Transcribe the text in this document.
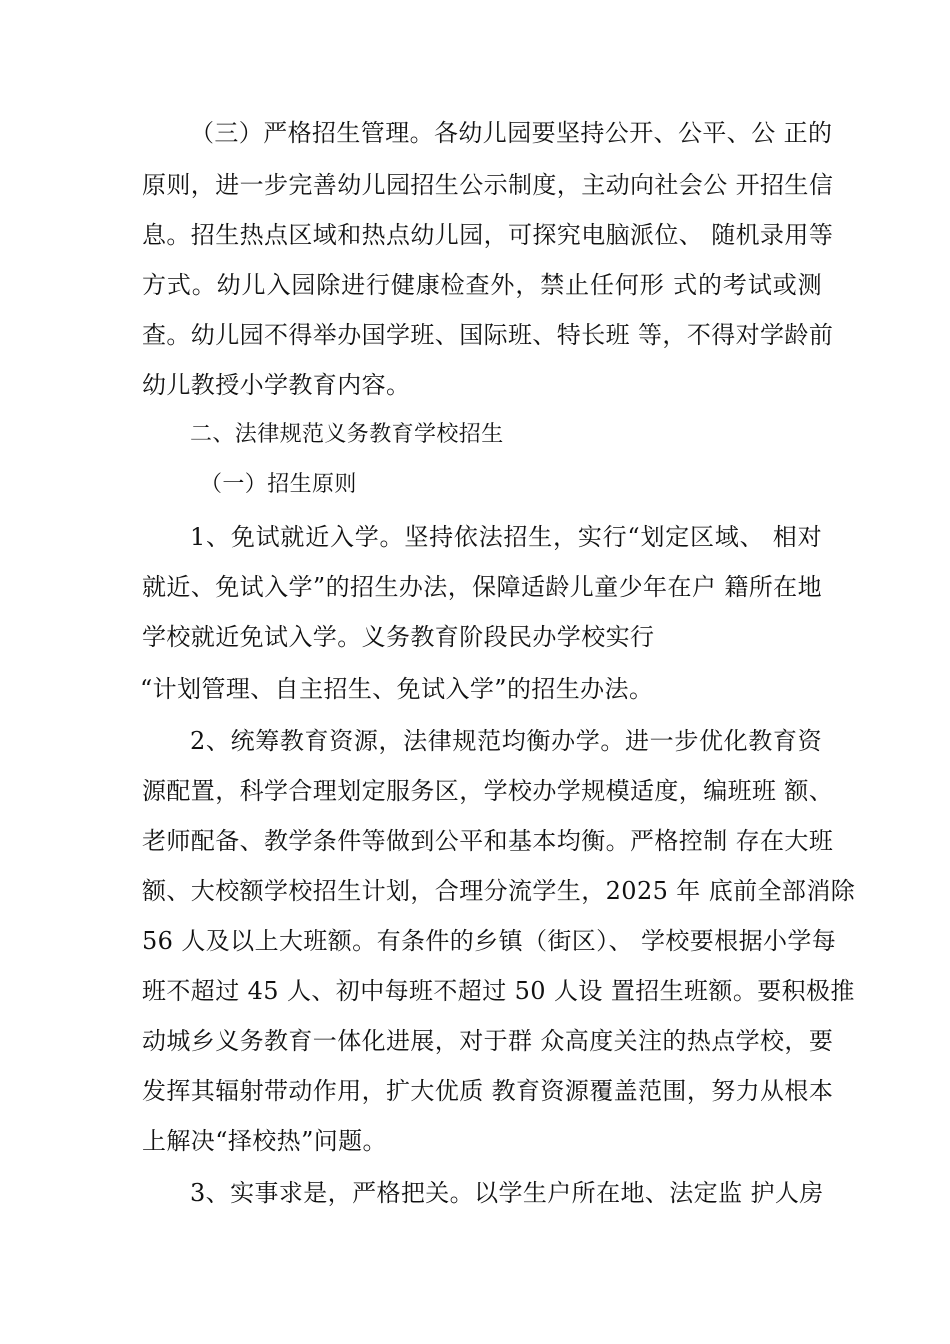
（三）严格招生管理。各幼儿园要坚持公开、公平、公 正的
原则，进一步完善幼儿园招生公示制度，主动向社会公 开招生信
息。招生热点区域和热点幼儿园，可探究电脑派位、 随机录用等
方式。幼儿入园除进行健康检查外，禁止任何形 式的考试或测
查。幼儿园不得举办国学班、国际班、特长班 等，不得对学龄前
幼儿教授小学教育内容。
二、法律规范义务教育学校招生
（一）招生原则
1、免试就近入学。坚持依法招生，实行“划定区域、 相对
就近、免试入学”的招生办法，保障适龄儿童少年在户 籍所在地
学校就近免试入学。义务教育阶段民办学校实行
“计划管理、自主招生、免试入学”的招生办法。
2、统筹教育资源，法律规范均衡办学。进一步优化教育资
源配置，科学合理划定服务区，学校办学规模适度，编班班 额、
老师配备、教学条件等做到公平和基本均衡。严格控制 存在大班
额、大校额学校招生计划，合理分流学生，2025 年 底前全部消除
56 人及以上大班额。有条件的乡镇（街区）、 学校要根据小学每
班不超过 45 人、初中每班不超过 50 人设 置招生班额。要积极推
动城乡义务教育一体化进展，对于群 众高度关注的热点学校，要
发挥其辐射带动作用，扩大优质 教育资源覆盖范围，努力从根本
上解决“择校热”问题。
3、实事求是，严格把关。以学生户所在地、法定监 护人房
